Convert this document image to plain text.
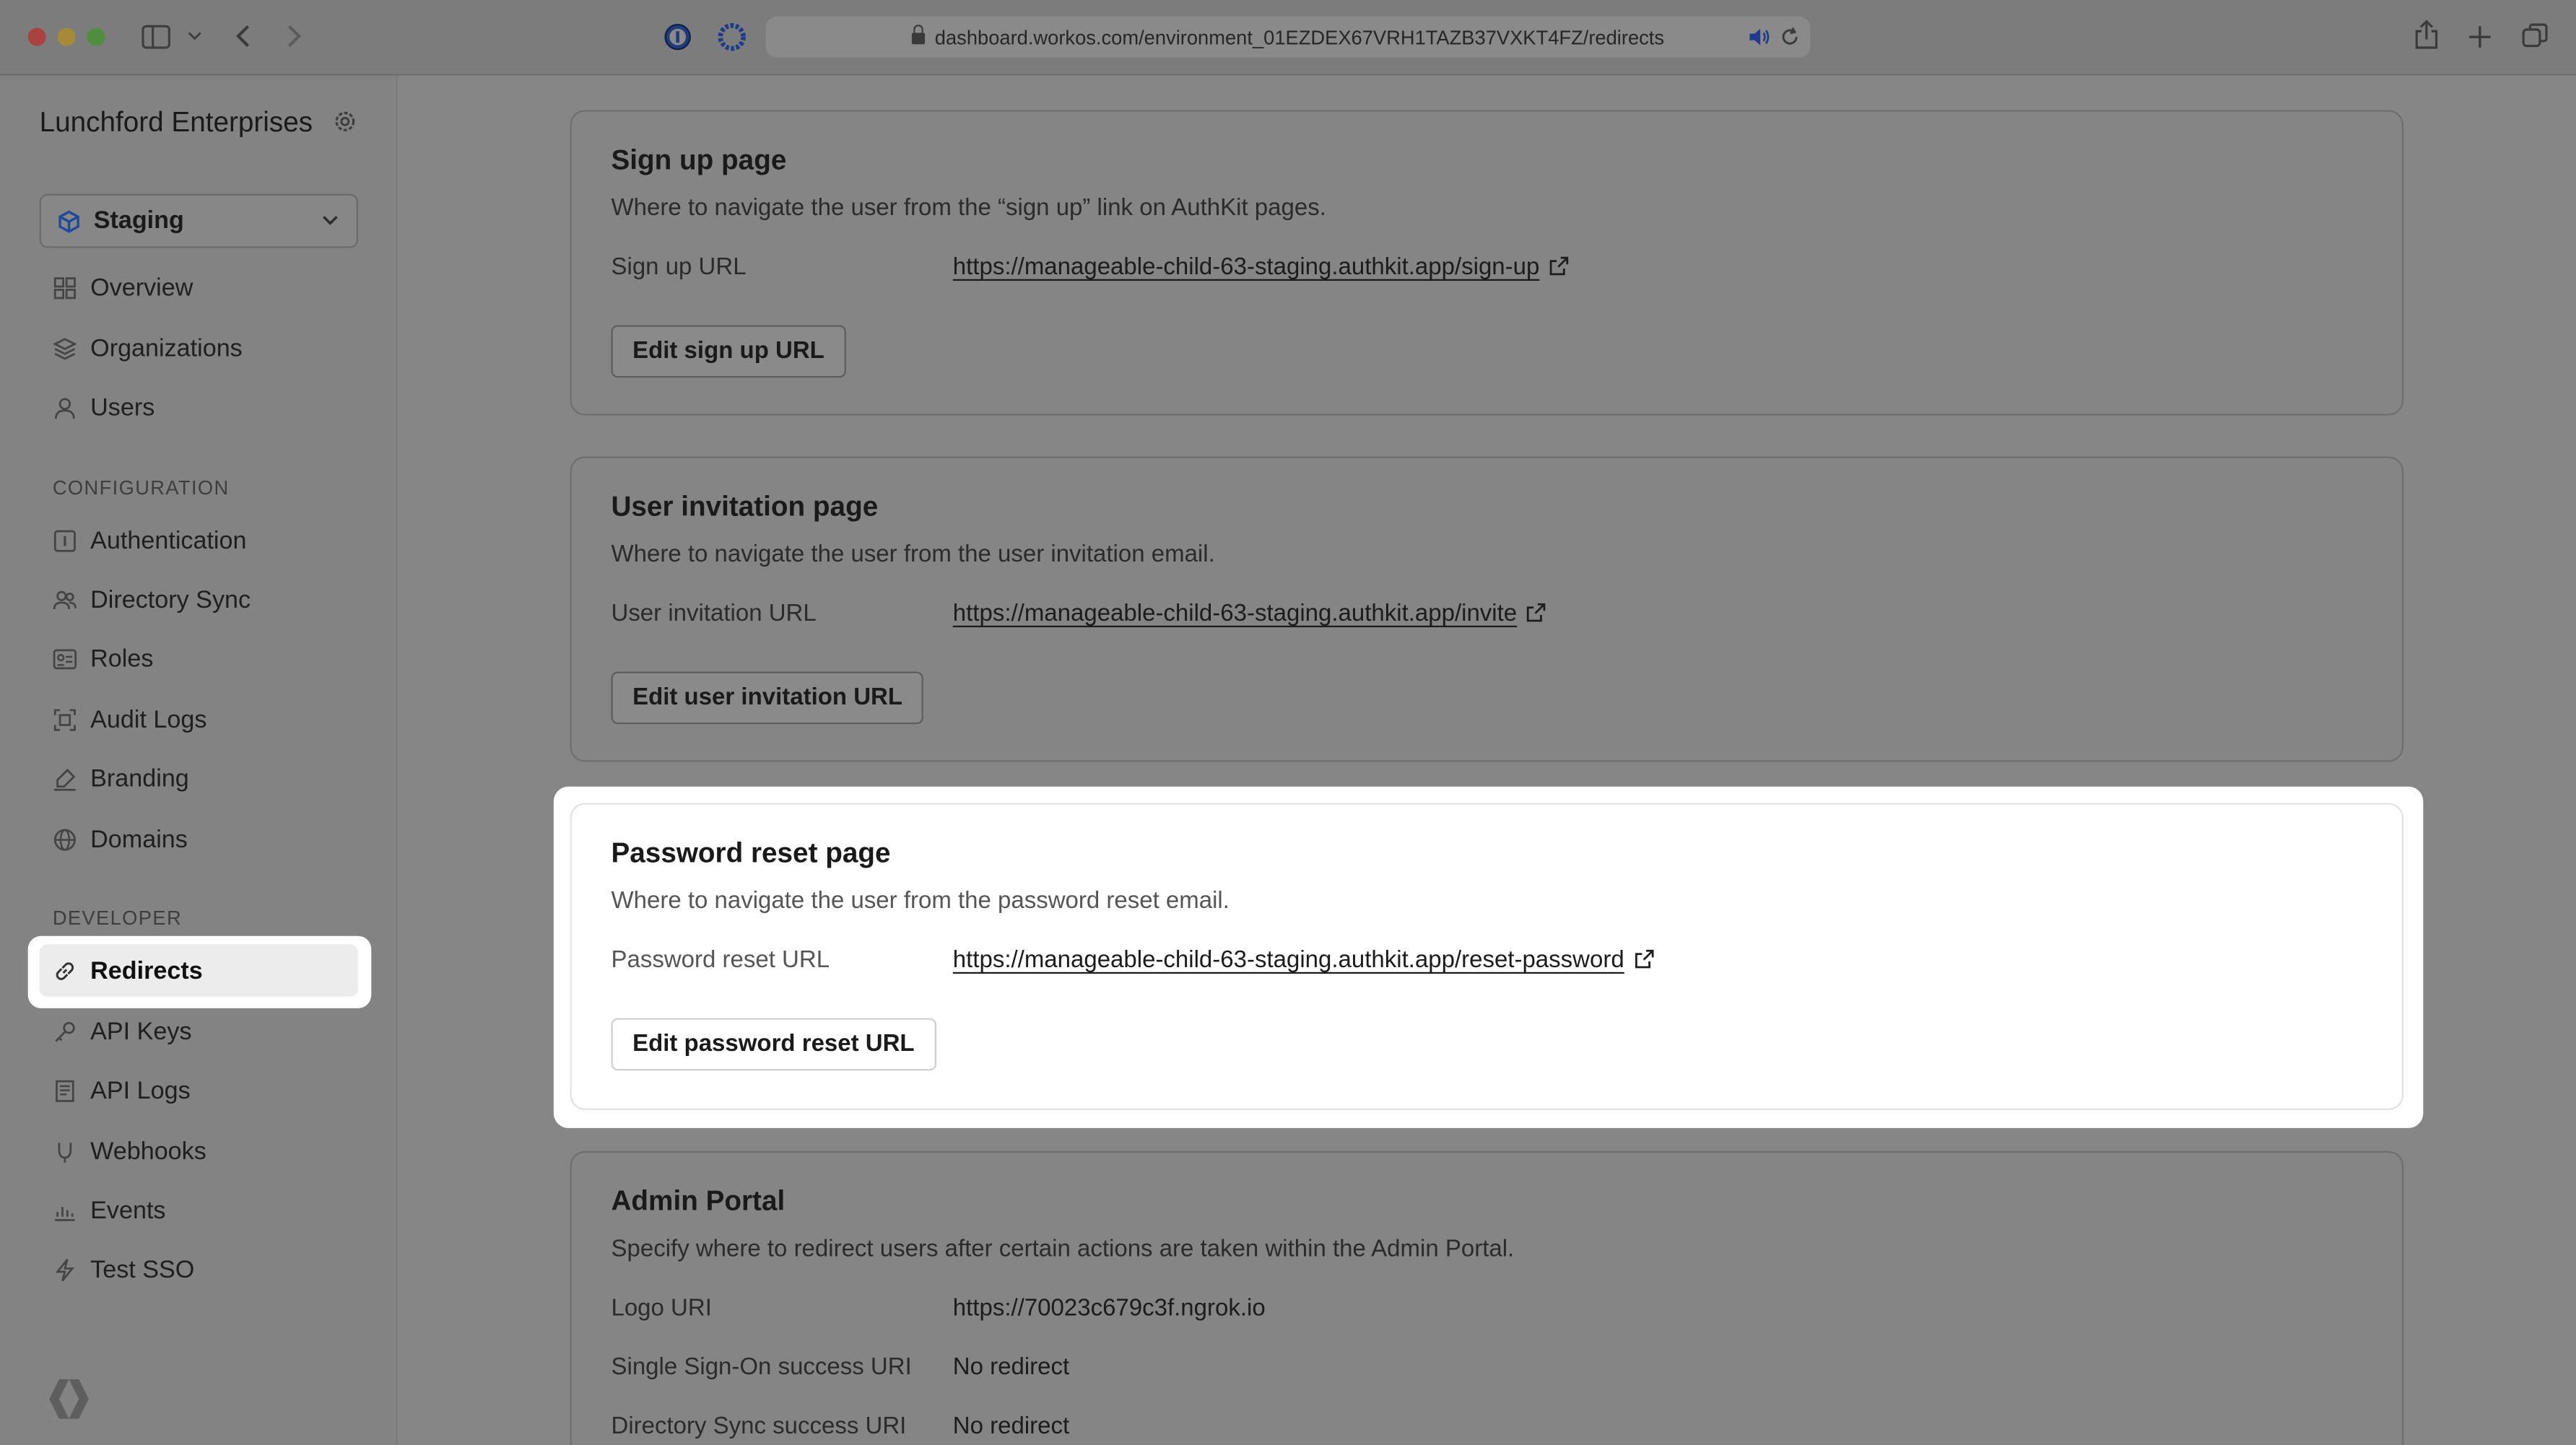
dashboard.workos.com/environment_01EZDEX67VRH1TAZB37VXKT4FZ/redirects
Lunchford Enterprises
Staging
Overview
Organizations
Users
CONFIGURATION
Authentication
Directory Sync
Roles
Audit Logs
Branding
Domains
DEVELOPER
Redirects
API Keys
API Logs
Webhooks
Events
Test SSO
Sign up page
Where to navigate the user from the “sign up” link on AuthKit pages.
Sign up URL	https://manageable-child-63-staging.authkit.app/sign-up
Edit sign up URL
User invitation page
Where to navigate the user from the user invitation email.
User invitation URL	https://manageable-child-63-staging.authkit.app/invite
Edit user invitation URL
Password reset page
Where to navigate the user from the password reset email.
Password reset URL	https://manageable-child-63-staging.authkit.app/reset-password
Edit password reset URL
Admin Portal
Specify where to redirect users after certain actions are taken within the Admin Portal.
Logo URI	https://70023c679c3f.ngrok.io
Single Sign-On success URI	No redirect
Directory Sync success URI	No redirect
